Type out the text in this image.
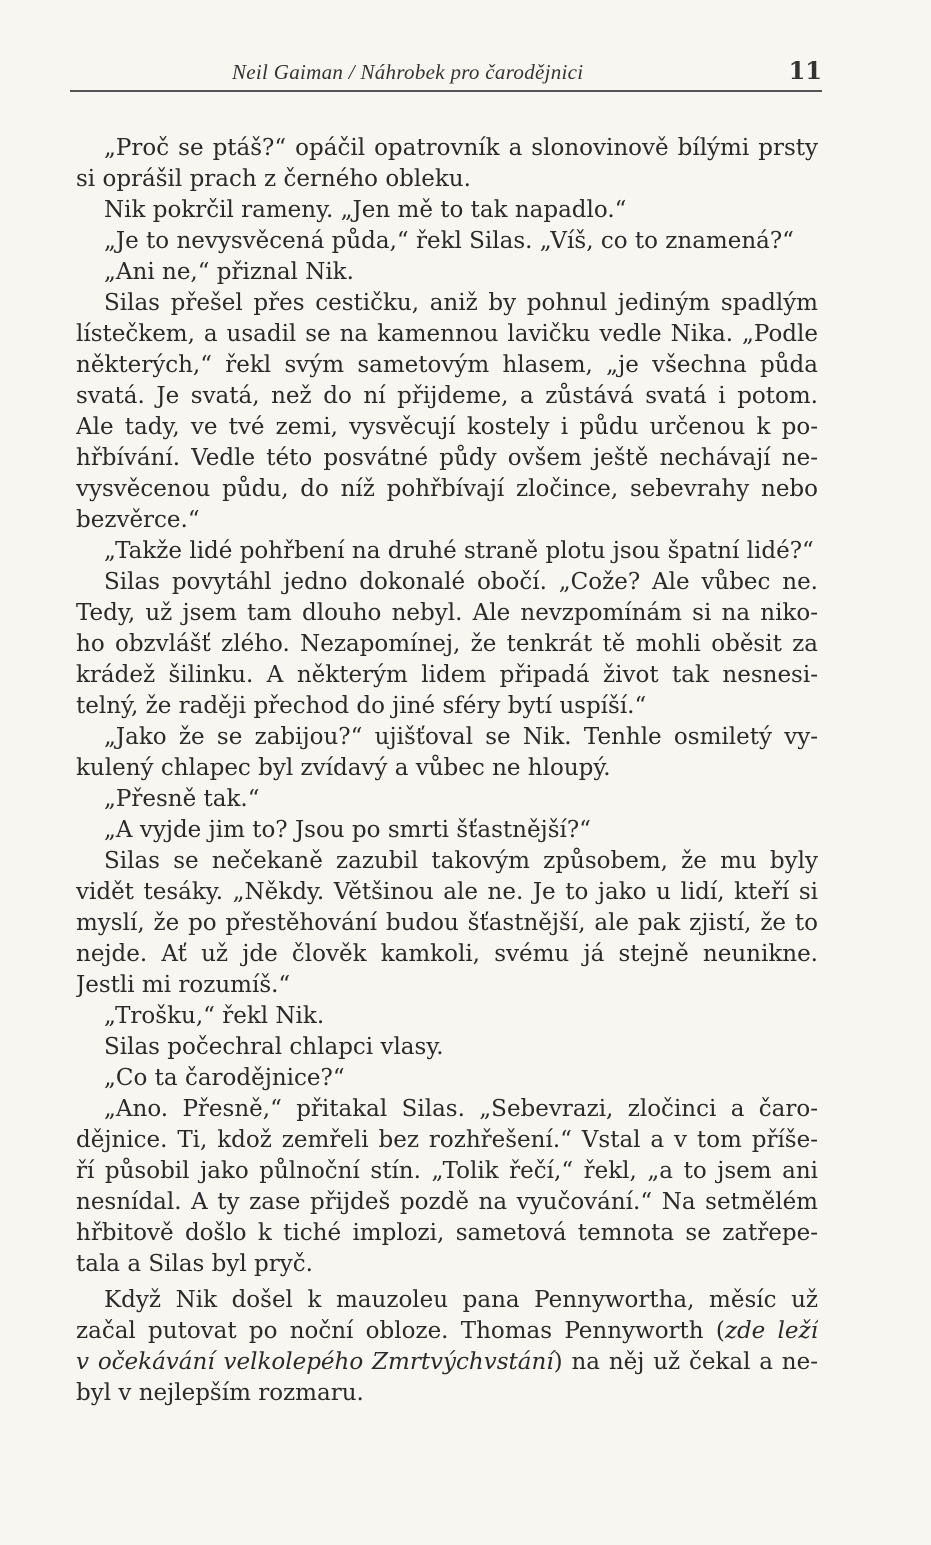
Neil Gaiman / Náhrobek pro čarodějnici	11
„Proč se ptáš?“ opáčil opatrovník a slonovinově bílými prsty
si oprášil prach z černého obleku.
Nik pokrčil rameny. „Jen mě to tak napadlo.“
„Je to nevysvěcená půda,“ řekl Silas. „Víš, co to znamená?“
„Ani ne,“ přiznal Nik.
Silas přešel přes cestičku, aniž by pohnul jediným spadlým
lístečkem, a usadil se na kamennou lavičku vedle Nika. „Podle
některých,“ řekl svým sametovým hlasem, „je všechna půda
svatá. Je svatá, než do ní přijdeme, a zůstává svatá i potom.
Ale tady, ve tvé zemi, vysvěcují kostely i půdu určenou k po-
hřbívání. Vedle této posvátné půdy ovšem ještě nechávají ne-
vysvěcenou půdu, do níž pohřbívají zločince, sebevrahy nebo
bezvěrce.“
„Takže lidé pohřbení na druhé straně plotu jsou špatní lidé?“
Silas povytáhl jedno dokonalé obočí. „Cože? Ale vůbec ne.
Tedy, už jsem tam dlouho nebyl. Ale nevzpomínám si na niko-
ho obzvlášť zlého. Nezapomínej, že tenkrát tě mohli oběsit za
krádež šilinku. A některým lidem připadá život tak nesnesi-
telný, že raději přechod do jiné sféry bytí uspíší.“
„Jako že se zabijou?“ ujišťoval se Nik. Tenhle osmiletý vy-
kulený chlapec byl zvídavý a vůbec ne hloupý.
„Přesně tak.“
„A vyjde jim to? Jsou po smrti šťastnější?“
Silas se nečekaně zazubil takovým způsobem, že mu byly
vidět tesáky. „Někdy. Většinou ale ne. Je to jako u lidí, kteří si
myslí, že po přestěhování budou šťastnější, ale pak zjistí, že to
nejde. Ať už jde člověk kamkoli, svému já stejně neunikne.
Jestli mi rozumíš.“
„Trošku,“ řekl Nik.
Silas počechral chlapci vlasy.
„Co ta čarodějnice?“
„Ano. Přesně,“ přitakal Silas. „Sebevrazi, zločinci a čaro-
dějnice. Ti, kdož zemřeli bez rozhřešení.“ Vstal a v tom příše-
ří působil jako půlnoční stín. „Tolik řečí,“ řekl, „a to jsem ani
nesnídal. A ty zase přijdeš pozdě na vyučování.“ Na setmělém
hřbitově došlo k tiché implozi, sametová temnota se zatřepe-
tala a Silas byl pryč.
Když Nik došel k mauzoleu pana Pennywortha, měsíc už
začal putovat po noční obloze. Thomas Pennyworth (zde leží
v očekávání velkolepého Zmrtvýchvstání) na něj už čekal a ne-
byl v nejlepším rozmaru.
